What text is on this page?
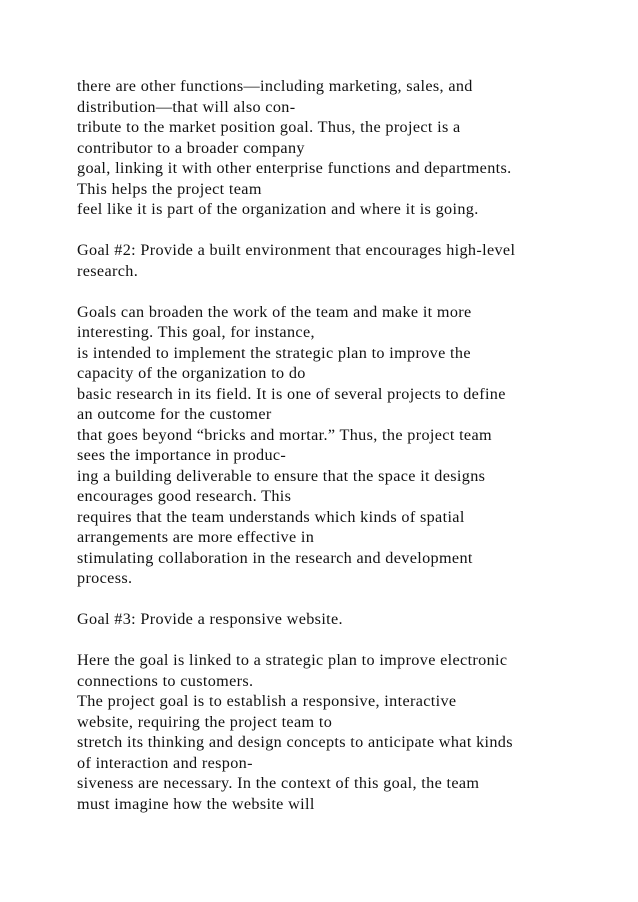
there are other functions—including marketing, sales, and
distribution—that will also con-
tribute to the market position goal. Thus, the project is a
contributor to a broader company
goal, linking it with other enterprise functions and departments.
This helps the project team
feel like it is part of the organization and where it is going.
Goal #2: Provide a built environment that encourages high-level
research.
Goals can broaden the work of the team and make it more
interesting. This goal, for instance,
is intended to implement the strategic plan to improve the
capacity of the organization to do
basic research in its field. It is one of several projects to define
an outcome for the customer
that goes beyond “bricks and mortar.” Thus, the project team
sees the importance in produc-
ing a building deliverable to ensure that the space it designs
encourages good research. This
requires that the team understands which kinds of spatial
arrangements are more effective in
stimulating collaboration in the research and development
process.
Goal #3: Provide a responsive website.
Here the goal is linked to a strategic plan to improve electronic
connections to customers.
The project goal is to establish a responsive, interactive
website, requiring the project team to
stretch its thinking and design concepts to anticipate what kinds
of interaction and respon-
siveness are necessary. In the context of this goal, the team
must imagine how the website will
